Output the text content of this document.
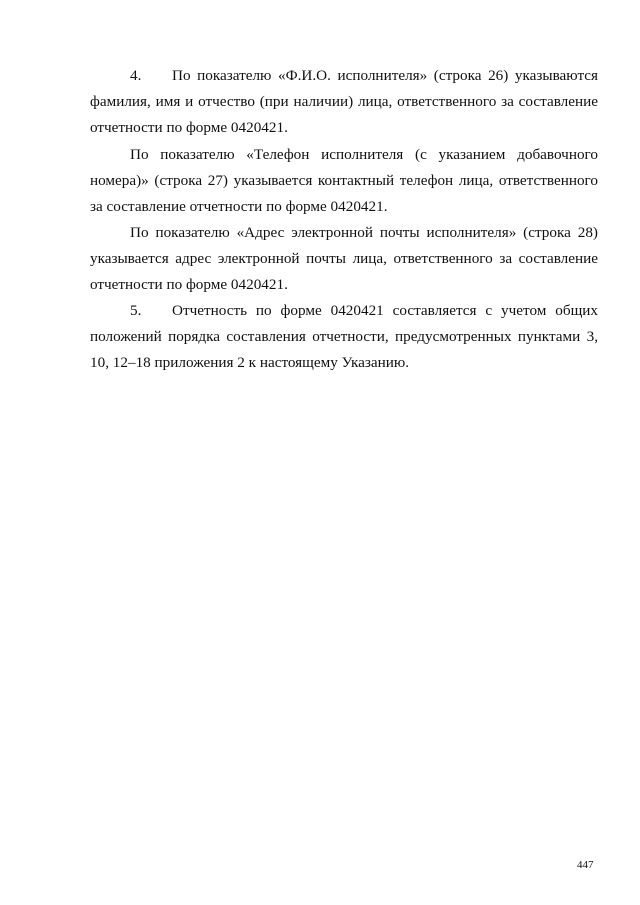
4. По показателю «Ф.И.О. исполнителя» (строка 26) указываются фамилия, имя и отчество (при наличии) лица, ответственного за составление отчетности по форме 0420421.

По показателю «Телефон исполнителя (с указанием добавочного номера)» (строка 27) указывается контактный телефон лица, ответственного за составление отчетности по форме 0420421.

По показателю «Адрес электронной почты исполнителя» (строка 28) указывается адрес электронной почты лица, ответственного за составление отчетности по форме 0420421.

5. Отчетность по форме 0420421 составляется с учетом общих положений порядка составления отчетности, предусмотренных пунктами 3, 10, 12–18 приложения 2 к настоящему Указанию.

447
